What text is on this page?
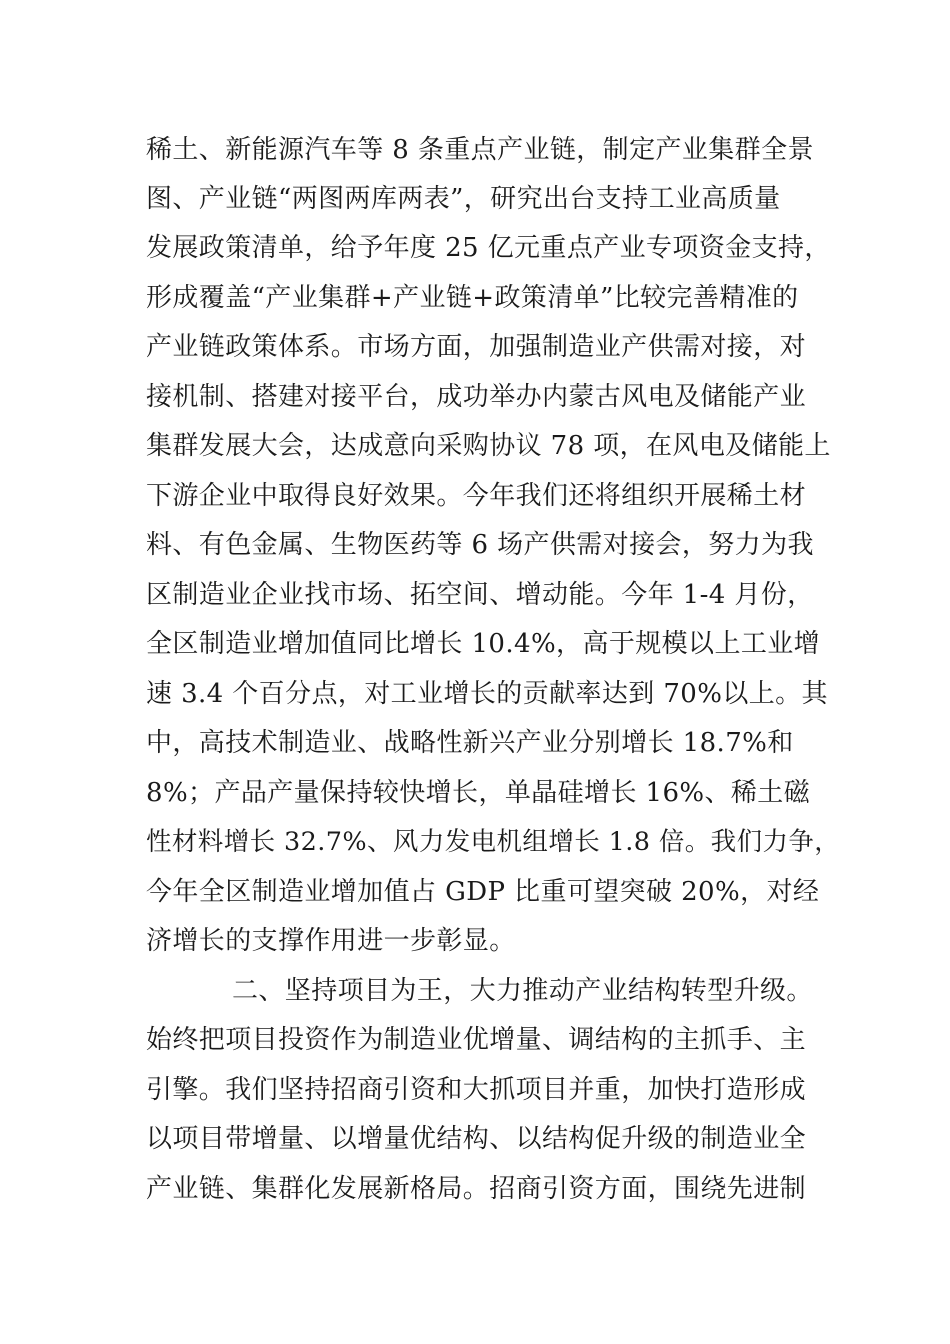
稀土、新能源汽车等 8 条重点产业链，制定产业集群全景
图、产业链“两图两库两表”，研究出台支持工业高质量
发展政策清单，给予年度 25 亿元重点产业专项资金支持，
形成覆盖“产业集群+产业链+政策清单”比较完善精准的
产业链政策体系。市场方面，加强制造业产供需对接，对
接机制、搭建对接平台，成功举办内蒙古风电及储能产业
集群发展大会，达成意向采购协议 78 项，在风电及储能上
下游企业中取得良好效果。今年我们还将组织开展稀土材
料、有色金属、生物医药等 6 场产供需对接会，努力为我
区制造业企业找市场、拓空间、增动能。今年 1-4 月份，
全区制造业增加值同比增长 10.4%，高于规模以上工业增
速 3.4 个百分点，对工业增长的贡献率达到 70%以上。其
中，高技术制造业、战略性新兴产业分别增长 18.7%和
8%；产品产量保持较快增长，单晶硅增长 16%、稀土磁
性材料增长 32.7%、风力发电机组增长 1.8 倍。我们力争，
今年全区制造业增加值占 GDP 比重可望突破 20%，对经
济增长的支撑作用进一步彰显。
二、坚持项目为王，大力推动产业结构转型升级。
始终把项目投资作为制造业优增量、调结构的主抓手、主
引擎。我们坚持招商引资和大抓项目并重，加快打造形成
以项目带增量、以增量优结构、以结构促升级的制造业全
产业链、集群化发展新格局。招商引资方面，围绕先进制
